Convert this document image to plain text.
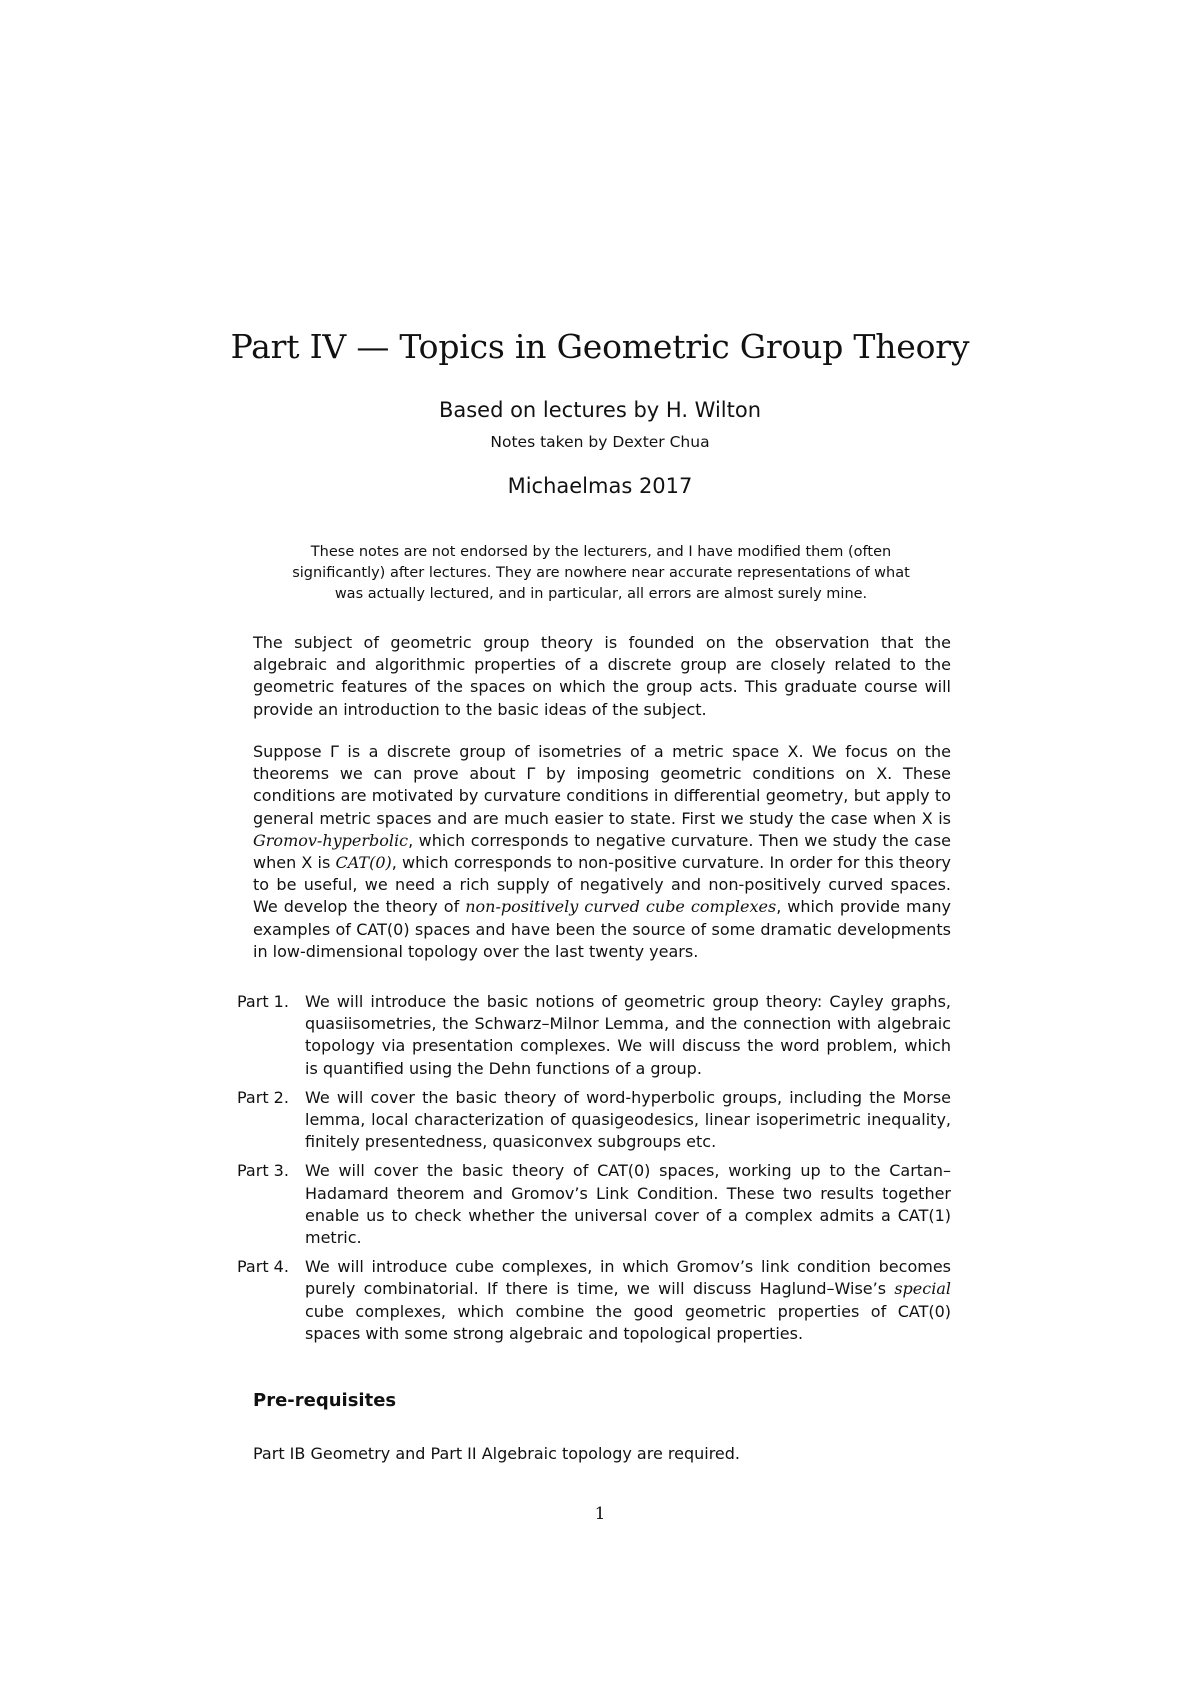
Part IV — Topics in Geometric Group Theory
Based on lectures by H. Wilton
Notes taken by Dexter Chua
Michaelmas 2017
These notes are not endorsed by the lecturers, and I have modified them (often significantly) after lectures. They are nowhere near accurate representations of what was actually lectured, and in particular, all errors are almost surely mine.
The subject of geometric group theory is founded on the observation that the algebraic and algorithmic properties of a discrete group are closely related to the geometric features of the spaces on which the group acts. This graduate course will provide an introduction to the basic ideas of the subject.
Suppose Γ is a discrete group of isometries of a metric space X. We focus on the theorems we can prove about Γ by imposing geometric conditions on X. These conditions are motivated by curvature conditions in differential geometry, but apply to general metric spaces and are much easier to state. First we study the case when X is Gromov-hyperbolic, which corresponds to negative curvature. Then we study the case when X is CAT(0), which corresponds to non-positive curvature. In order for this theory to be useful, we need a rich supply of negatively and non-positively curved spaces. We develop the theory of non-positively curved cube complexes, which provide many examples of CAT(0) spaces and have been the source of some dramatic developments in low-dimensional topology over the last twenty years.
Part 1.	We will introduce the basic notions of geometric group theory: Cayley graphs, quasiisometries, the Schwarz–Milnor Lemma, and the connection with algebraic topology via presentation complexes. We will discuss the word problem, which is quantified using the Dehn functions of a group.
Part 2.	We will cover the basic theory of word-hyperbolic groups, including the Morse lemma, local characterization of quasigeodesics, linear isoperimetric inequality, finitely presentedness, quasiconvex subgroups etc.
Part 3.	We will cover the basic theory of CAT(0) spaces, working up to the Cartan–Hadamard theorem and Gromov’s Link Condition. These two results together enable us to check whether the universal cover of a complex admits a CAT(1) metric.
Part 4.	We will introduce cube complexes, in which Gromov’s link condition becomes purely combinatorial. If there is time, we will discuss Haglund–Wise’s special cube complexes, which combine the good geometric properties of CAT(0) spaces with some strong algebraic and topological properties.
Pre-requisites
Part IB Geometry and Part II Algebraic topology are required.
1
